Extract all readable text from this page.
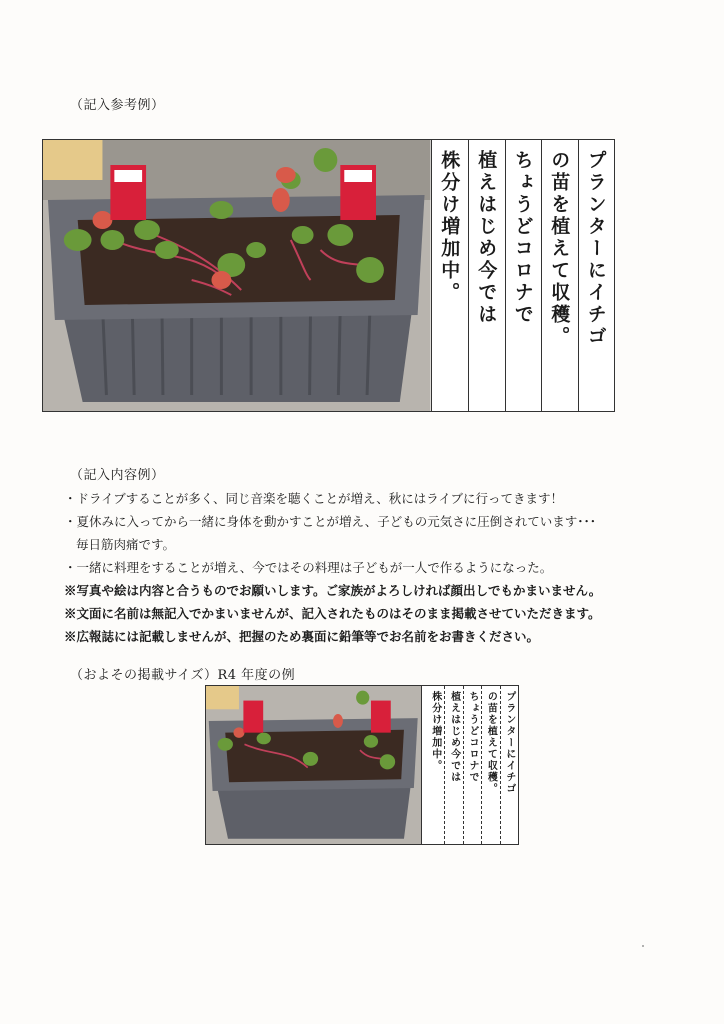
（記入参考例）
プランターにイチゴ
の苗を植えて収穫。
ちょうどコロナで
植えはじめ今では
株分け増加中。
（記入内容例）

・ドライブすることが多く、同じ音楽を聴くことが増え、秋にはライブに行ってきます！

・夏休みに入ってから一緒に身体を動かすことが増え、子どもの元気さに圧倒されています･･･

毎日筋肉痛です。

・一緒に料理をすることが増え、今ではその料理は子どもが一人で作るようになった。

※写真や絵は内容と合うものでお願いします。ご家族がよろしければ顔出しでもかまいません。

※文面に名前は無記入でかまいませんが、記入されたものはそのまま掲載させていただきます。

※広報誌には記載しませんが、把握のため裏面に鉛筆等でお名前をお書きください。

（およその掲載サイズ）R4 年度の例
プランターにイチゴ
の苗を植えて収穫。
ちょうどコロナで
植えはじめ今では
株分け増加中。
